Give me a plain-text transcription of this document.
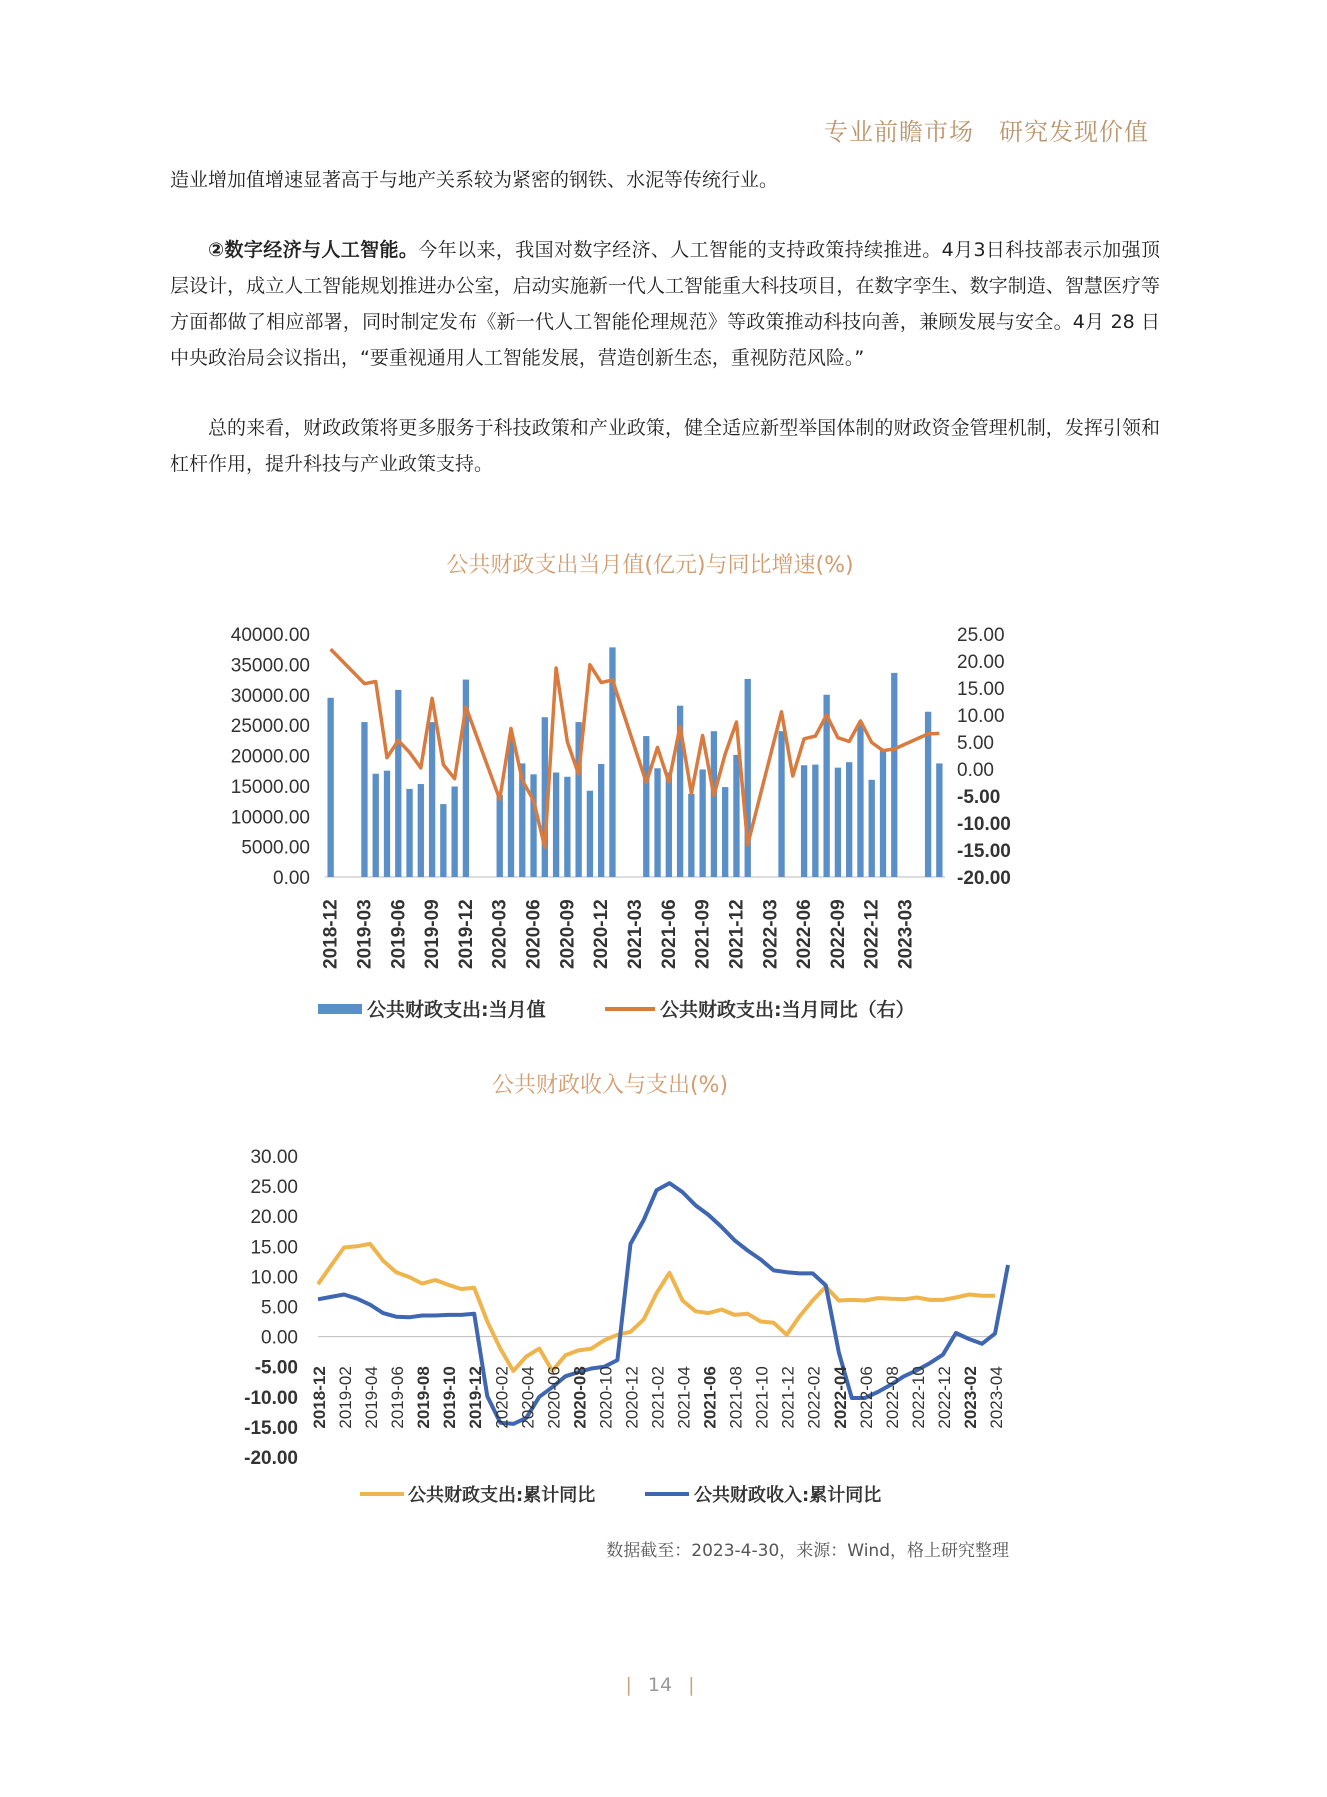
专业前瞻市场　研究发现价值

造业增加值增速显著高于与地产关系较为紧密的钢铁、水泥等传统行业。

②数字经济与人工智能。今年以来，我国对数字经济、人工智能的支持政策持续推进。4月3日科技部表示加强顶层设计，成立人工智能规划推进办公室，启动实施新一代人工智能重大科技项目，在数字孪生、数字制造、智慧医疗等方面都做了相应部署，同时制定发布《新一代人工智能伦理规范》等政策推动科技向善，兼顾发展与安全。4月 28 日中央政治局会议指出，“要重视通用人工智能发展，营造创新生态，重视防范风险。”

总的来看，财政政策将更多服务于科技政策和产业政策，健全适应新型举国体制的财政资金管理机制，发挥引领和杠杆作用，提升科技与产业政策支持。

公共财政支出当月值(亿元)与同比增速(%)
0.00
5000.00
10000.00
15000.00
20000.00
25000.00
30000.00
35000.00
40000.00
-20.00
-15.00
-10.00
-5.00
0.00
5.00
10.00
15.00
20.00
25.00
2018-12 2019-03 2019-06 2019-09 2019-12 2020-03 2020-06 2020-09 2020-12 2021-03 2021-06 2021-09 2021-12 2022-03 2022-06 2022-09 2022-12 2023-03
公共财政支出:当月值	公共财政支出:当月同比（右）
公共财政收入与支出(%)
-20.00
-15.00
-10.00
-5.00
0.00
5.00
10.00
15.00
20.00
25.00
30.00
2018-12 2019-02 2019-04 2019-06 2019-08 2019-10 2019-12 2020-02 2020-04 2020-06 2020-08 2020-10 2020-12 2021-02 2021-04 2021-06 2021-08 2021-10 2021-12 2022-02 2022-04 2022-06 2022-08 2022-10 2022-12 2023-02 2023-04
公共财政支出:累计同比	公共财政收入:累计同比
数据截至：2023-4-30，来源：Wind，格上研究整理
| 14 |
